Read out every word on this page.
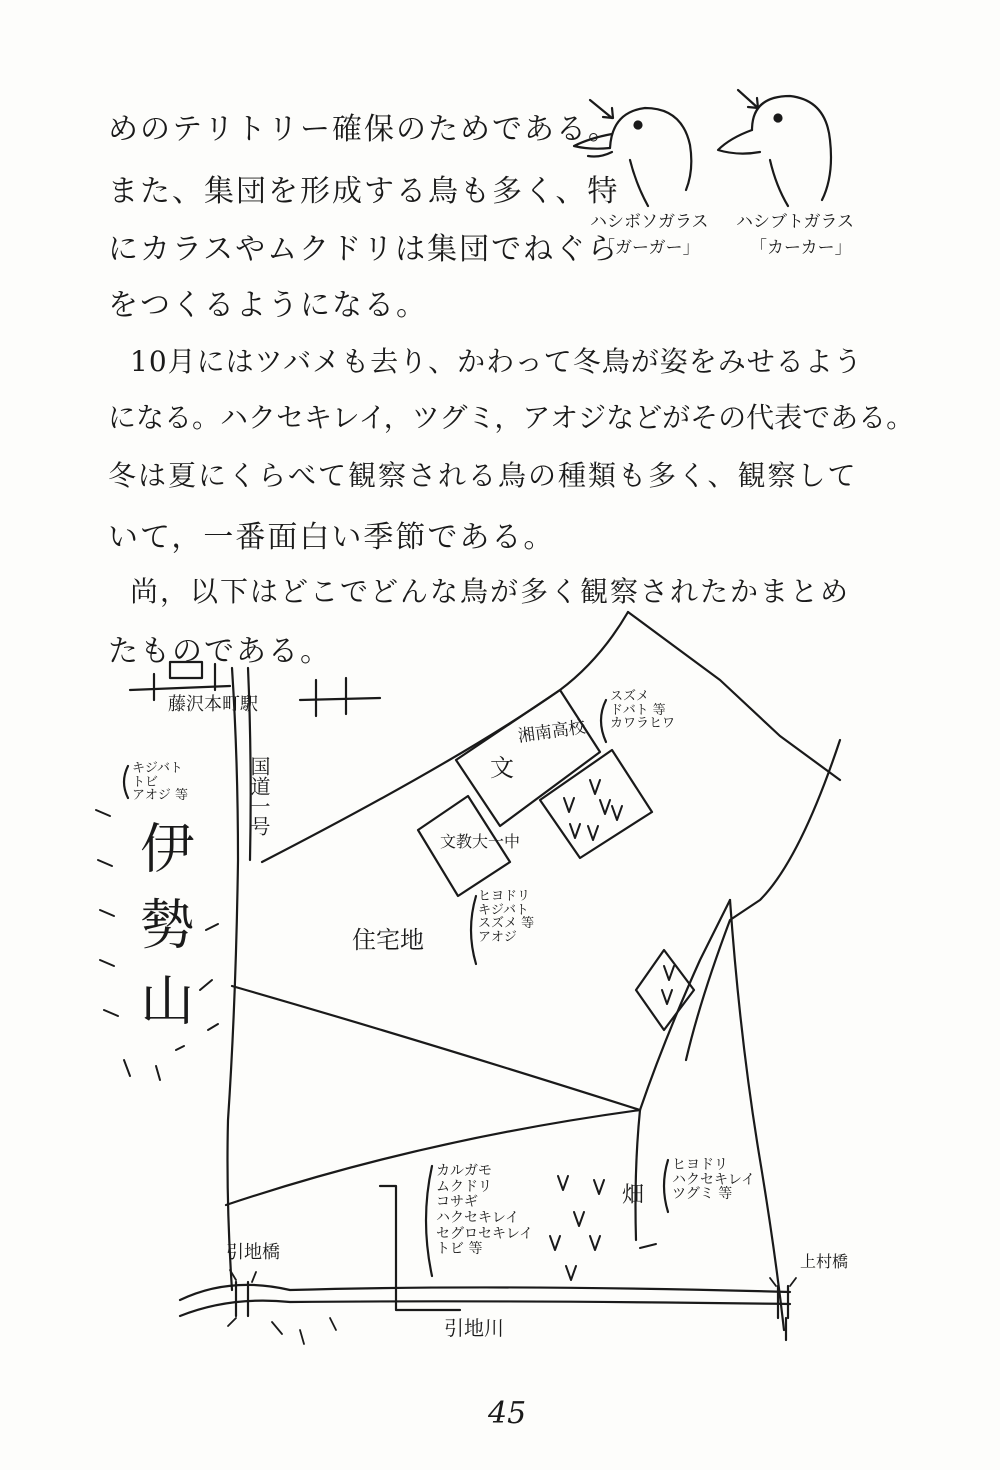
めのテリトリー確保のためである。
また、集団を形成する鳥も多く、特
にカラスやムクドリは集団でねぐら
をつくるようになる。
10月にはツバメも去り、かわって冬鳥が姿をみせるよう
になる。ハクセキレイ，ツグミ，アオジなどがその代表である。
冬は夏にくらべて観察される鳥の種類も多く、観察して
いて，一番面白い季節である。
尚，以下はどこでどんな鳥が多く観察されたかまとめ
たものである。
ハシボソガラス
「ガーガー」
ハシブトガラス
「カーカー」
藤沢本町駅
国道一号
キジバト
トビ
アオジ 等
伊勢山
湘南高校
スズメ
ドバト 等
カワラヒワ
文
文教大一中
住宅地
ヒヨドリ
キジバト
スズメ 等
アオジ
カルガモ
ムクドリ
コサギ
ハクセキレイ
セグロセキレイ
トビ 等
畑
ヒヨドリ
ハクセキレイ
ツグミ 等
引地橋	上村橋
引地川
45
